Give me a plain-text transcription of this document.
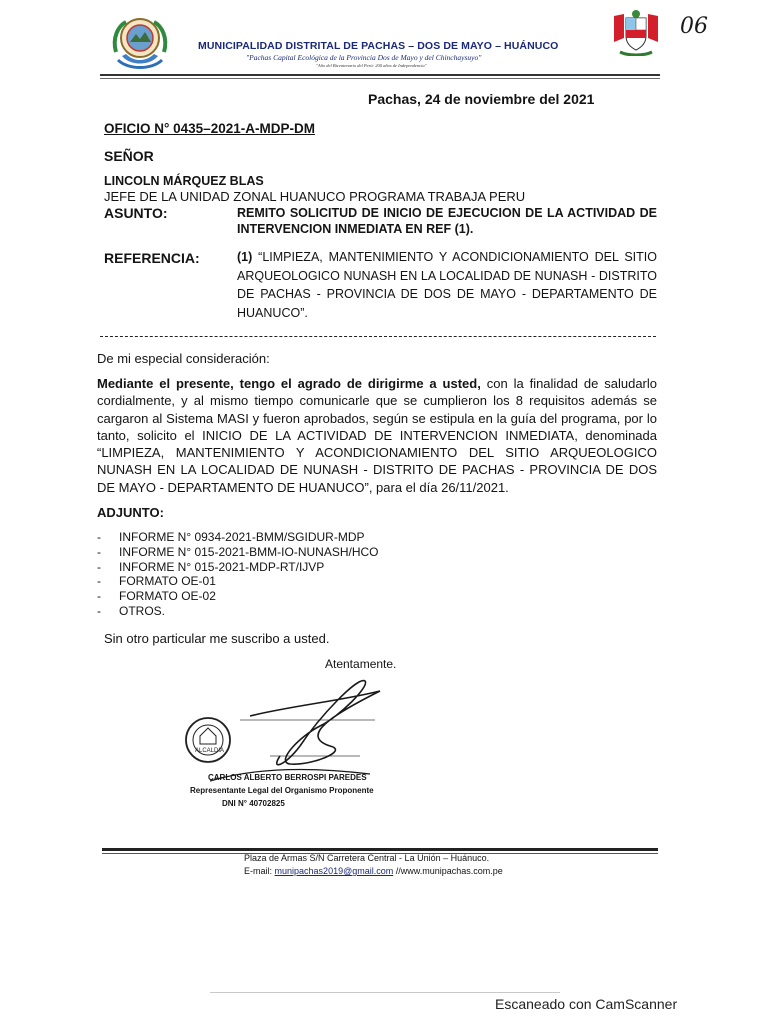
MUNICIPALIDAD DISTRITAL DE PACHAS – DOS DE MAYO – HUÁNUCO
"Pachas Capital Ecológica de la Provincia Dos de Mayo y del Chinchaysuyo"
"Año del Bicentenario del Perú: 200 años de Independencia"
06
Pachas, 24 de noviembre del 2021
OFICIO N° 0435–2021-A-MDP-DM
SEÑOR
LINCOLN MÁRQUEZ BLAS
JEFE DE LA UNIDAD ZONAL HUANUCO PROGRAMA TRABAJA PERU
ASUNTO:	REMITO SOLICITUD DE INICIO DE EJECUCION DE LA ACTIVIDAD DE INTERVENCION INMEDIATA EN REF (1).
REFERENCIA:	(1) “LIMPIEZA, MANTENIMIENTO Y ACONDICIONAMIENTO DEL SITIO ARQUEOLOGICO NUNASH EN LA LOCALIDAD DE NUNASH - DISTRITO DE PACHAS - PROVINCIA DE DOS DE MAYO - DEPARTAMENTO DE HUANUCO”.
De mi especial consideración:
Mediante el presente, tengo el agrado de dirigirme a usted, con la finalidad de saludarlo cordialmente, y al mismo tiempo comunicarle que se cumplieron los 8 requisitos además se cargaron al Sistema MASI y fueron aprobados, según se estipula en la guía del programa, por lo tanto, solicito el INICIO DE LA ACTIVIDAD DE INTERVENCION INMEDIATA, denominada “LIMPIEZA, MANTENIMIENTO Y ACONDICIONAMIENTO DEL SITIO ARQUEOLOGICO NUNASH EN LA LOCALIDAD DE NUNASH - DISTRITO DE PACHAS - PROVINCIA DE DOS DE MAYO - DEPARTAMENTO DE HUANUCO”, para el día 26/11/2021.
ADJUNTO:
- INFORME N° 0934-2021-BMM/SGIDUR-MDP
- INFORME N° 015-2021-BMM-IO-NUNASH/HCO
- INFORME N° 015-2021-MDP-RT/IJVP
- FORMATO OE-01
- FORMATO OE-02
- OTROS.
Sin otro particular me suscribo a usted.
Atentamente.
ALCALDIA
CARLOS ALBERTO BERROSPI PAREDES
Representante Legal del Organismo Proponente
DNI N° 40702825
Plaza de Armas S/N Carretera Central - La Unión – Huánuco.
E-mail: munipachas2019@gmail.com //www.munipachas.com.pe
Escaneado con CamScanner
